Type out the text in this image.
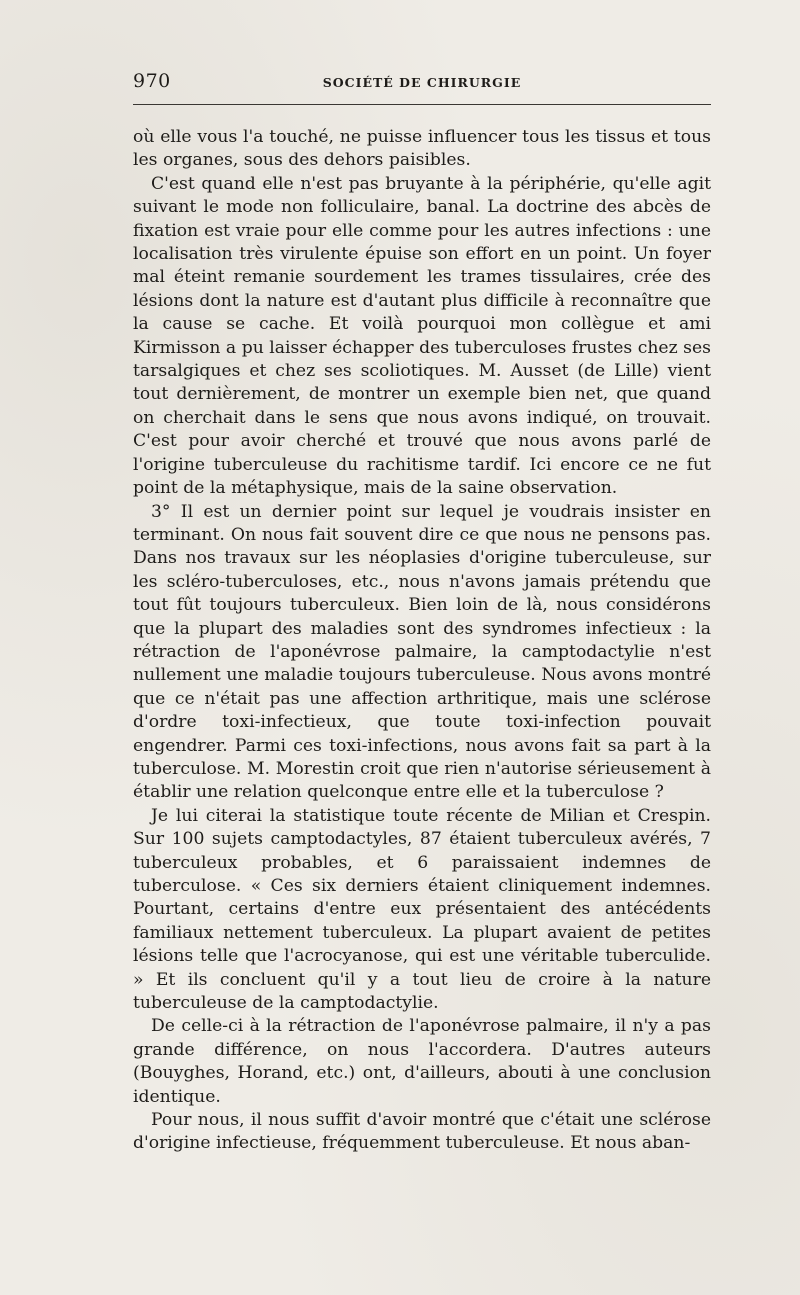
970	SOCIÉTÉ DE CHIRURGIE

où elle vous l'a touché, ne puisse influencer tous les tissus et tous les organes, sous des dehors paisibles.

C'est quand elle n'est pas bruyante à la périphérie, qu'elle agit suivant le mode non folliculaire, banal. La doctrine des abcès de fixation est vraie pour elle comme pour les autres infections : une localisation très virulente épuise son effort en un point. Un foyer mal éteint remanie sourdement les trames tissulaires, crée des lésions dont la nature est d'autant plus difficile à reconnaître que la cause se cache. Et voilà pourquoi mon collègue et ami Kirmisson a pu laisser échapper des tuberculoses frustes chez ses tarsalgiques et chez ses scoliotiques. M. Ausset (de Lille) vient tout dernièrement, de montrer un exemple bien net, que quand on cherchait dans le sens que nous avons indiqué, on trouvait. C'est pour avoir cherché et trouvé que nous avons parlé de l'origine tuberculeuse du rachitisme tardif. Ici encore ce ne fut point de la métaphysique, mais de la saine observation.

3° Il est un dernier point sur lequel je voudrais insister en terminant. On nous fait souvent dire ce que nous ne pensons pas. Dans nos travaux sur les néoplasies d'origine tuberculeuse, sur les scléro-tuberculoses, etc., nous n'avons jamais prétendu que tout fût toujours tuberculeux. Bien loin de là, nous considérons que la plupart des maladies sont des syndromes infectieux : la rétraction de l'aponévrose palmaire, la camptodactylie n'est nullement une maladie toujours tuberculeuse. Nous avons montré que ce n'était pas une affection arthritique, mais une sclérose d'ordre toxi-infectieux, que toute toxi-infection pouvait engendrer. Parmi ces toxi-infections, nous avons fait sa part à la tuberculose. M. Morestin croit que rien n'autorise sérieusement à établir une relation quelconque entre elle et la tuberculose ?

Je lui citerai la statistique toute récente de Milian et Crespin. Sur 100 sujets camptodactyles, 87 étaient tuberculeux avérés, 7 tuberculeux probables, et 6 paraissaient indemnes de tuberculose. « Ces six derniers étaient cliniquement indemnes. Pourtant, certains d'entre eux présentaient des antécédents familiaux nettement tuberculeux. La plupart avaient de petites lésions telle que l'acrocyanose, qui est une véritable tuberculide. » Et ils concluent qu'il y a tout lieu de croire à la nature tuberculeuse de la camptodactylie.

De celle-ci à la rétraction de l'aponévrose palmaire, il n'y a pas grande différence, on nous l'accordera. D'autres auteurs (Bouyghes, Horand, etc.) ont, d'ailleurs, abouti à une conclusion identique.

Pour nous, il nous suffit d'avoir montré que c'était une sclérose d'origine infectieuse, fréquemment tuberculeuse. Et nous aban-
